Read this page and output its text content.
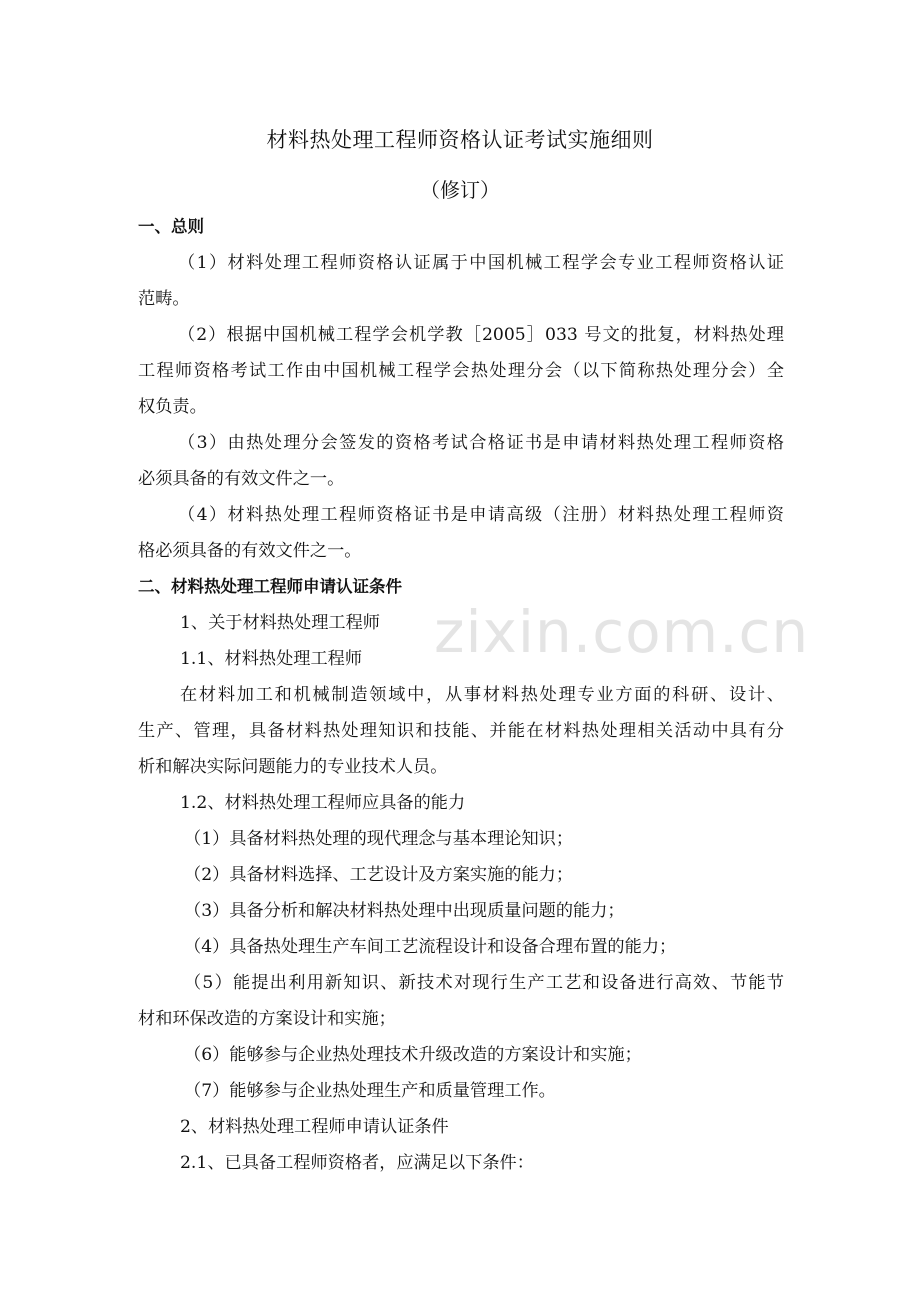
zixin.com.cn
材料热处理工程师资格认证考试实施细则
（修订）
一、总则
（1）材料处理工程师资格认证属于中国机械工程学会专业工程师资格认证
范畴。
（2）根据中国机械工程学会机学教［2005］033 号文的批复，材料热处理
工程师资格考试工作由中国机械工程学会热处理分会（以下简称热处理分会）全
权负责。
（3）由热处理分会签发的资格考试合格证书是申请材料热处理工程师资格
必须具备的有效文件之一。
（4）材料热处理工程师资格证书是申请高级（注册）材料热处理工程师资
格必须具备的有效文件之一。
二、材料热处理工程师申请认证条件
1、关于材料热处理工程师
1.1、材料热处理工程师
在材料加工和机械制造领域中，从事材料热处理专业方面的科研、设计、
生产、管理，具备材料热处理知识和技能、并能在材料热处理相关活动中具有分
析和解决实际问题能力的专业技术人员。
1.2、材料热处理工程师应具备的能力
（1）具备材料热处理的现代理念与基本理论知识；
（2）具备材料选择、工艺设计及方案实施的能力；
（3）具备分析和解决材料热处理中出现质量问题的能力；
（4）具备热处理生产车间工艺流程设计和设备合理布置的能力；
（5）能提出利用新知识、新技术对现行生产工艺和设备进行高效、节能节
材和环保改造的方案设计和实施；
（6）能够参与企业热处理技术升级改造的方案设计和实施；
（7）能够参与企业热处理生产和质量管理工作。
2、材料热处理工程师申请认证条件
2.1、已具备工程师资格者，应满足以下条件：
